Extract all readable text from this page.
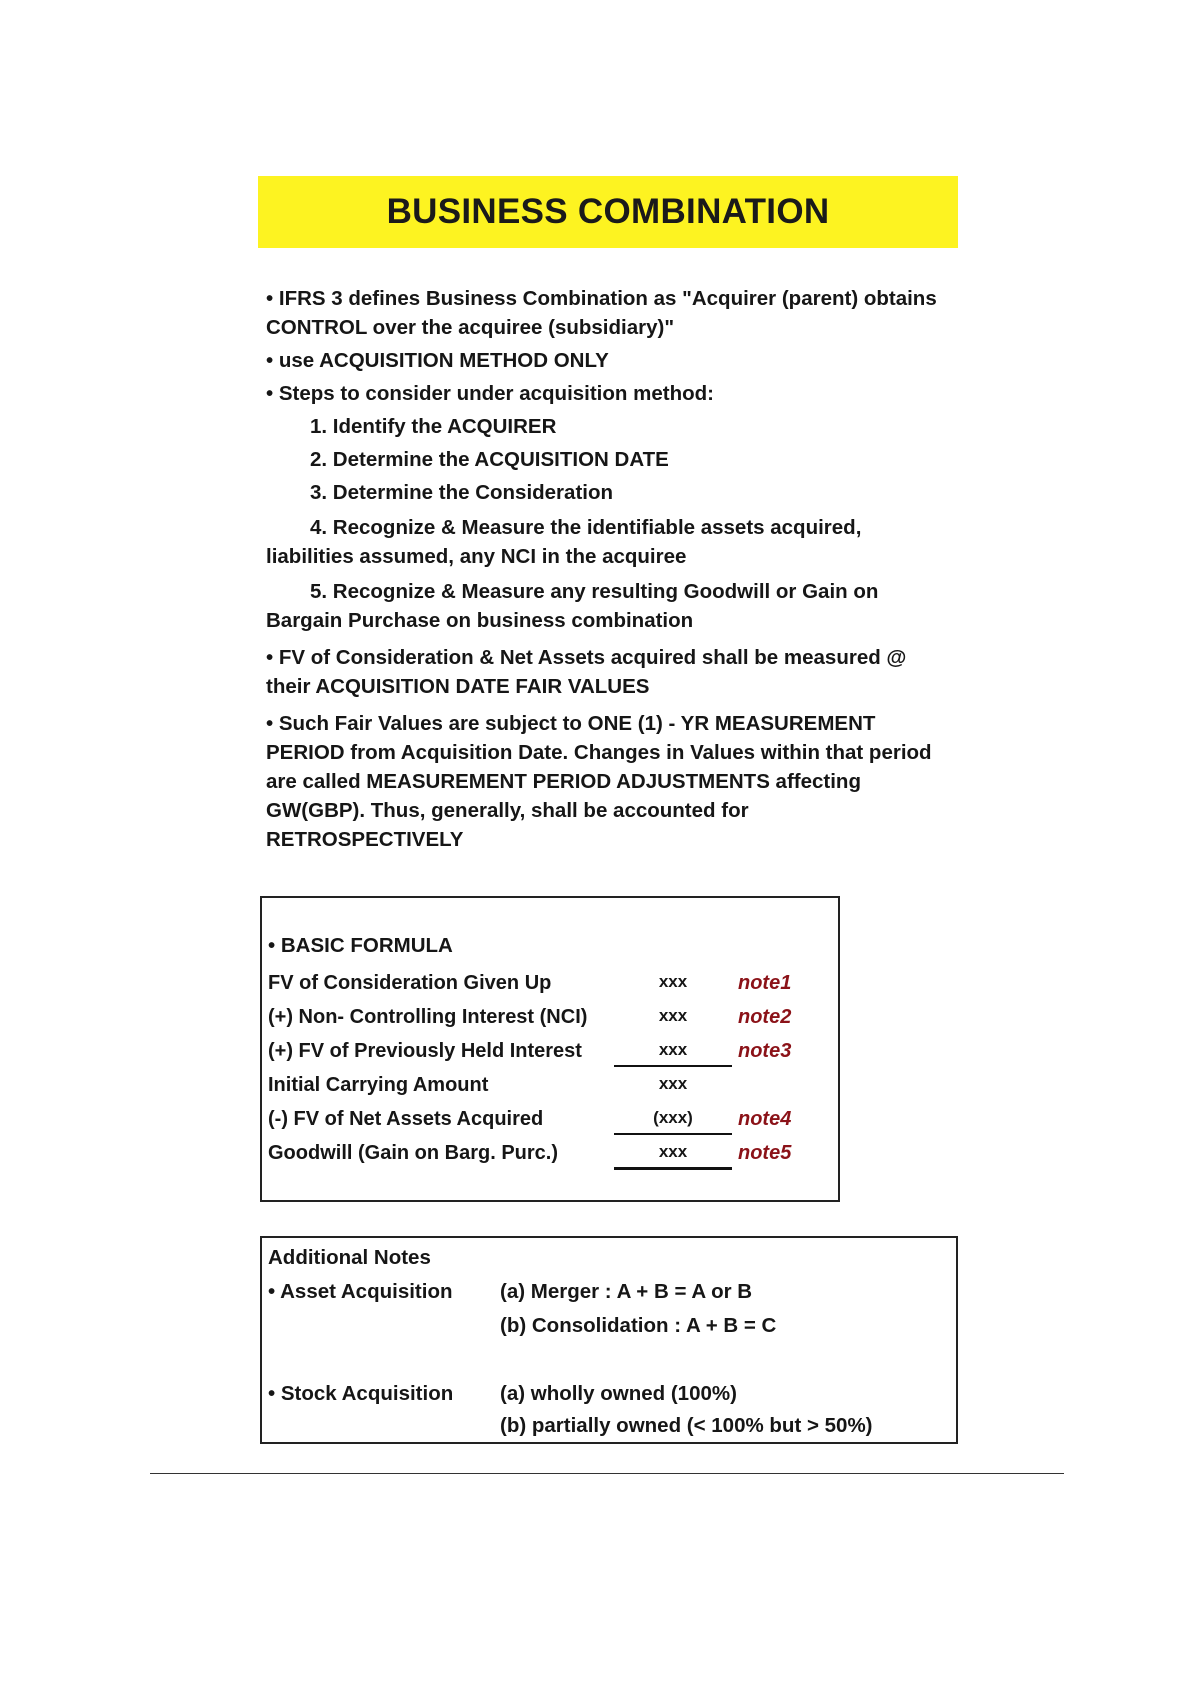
BUSINESS COMBINATION

• IFRS 3 defines Business Combination as "Acquirer (parent) obtains
CONTROL over the acquiree (subsidiary)"

• use ACQUISITION METHOD ONLY

• Steps to consider under acquisition method:

1. Identify the ACQUIRER

2. Determine the ACQUISITION DATE

3. Determine the Consideration

4. Recognize & Measure the identifiable assets acquired, liabilities assumed, any NCI in the acquiree

5. Recognize & Measure any resulting Goodwill or Gain on Bargain Purchase on business combination

• FV of Consideration & Net Assets acquired shall be measured @ their ACQUISITION DATE FAIR VALUES

• Such Fair Values are subject to ONE (1) - YR MEASUREMENT PERIOD from Acquisition Date. Changes in Values within that period are called MEASUREMENT PERIOD ADJUSTMENTS affecting GW(GBP). Thus, generally, shall be accounted for RETROSPECTIVELY

• BASIC FORMULA
FV of Consideration Given Up	xxx	note1
(+) Non- Controlling Interest (NCI)	xxx	note2
(+) FV of Previously Held Interest	xxx	note3
Initial Carrying Amount	xxx
(-) FV of Net Assets Acquired	(xxx)	note4
Goodwill (Gain on Barg. Purc.)	xxx	note5
Additional Notes
• Asset Acquisition (a) Merger : A + B = A or B
(b) Consolidation : A + B = C
• Stock Acquisition (a) wholly owned (100%)
(b) partially owned (< 100% but > 50%)
